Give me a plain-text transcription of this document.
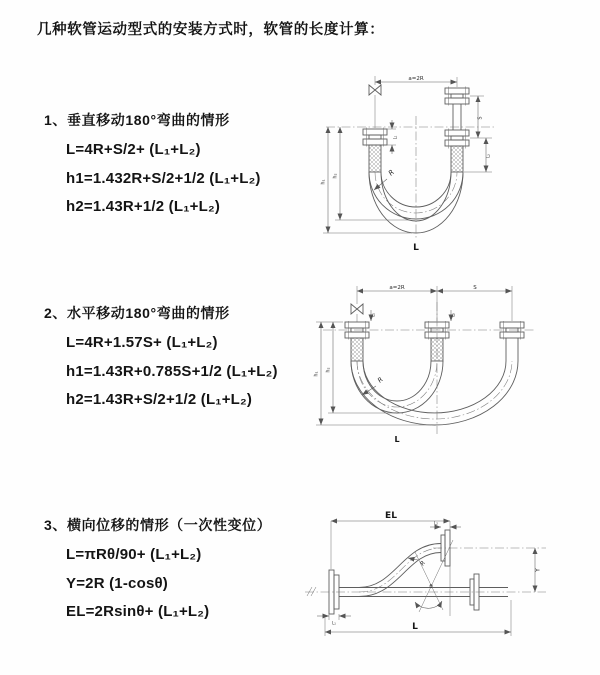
几种软管运动型式的安装方式时，软管的长度计算：
1、垂直移动180°弯曲的情形
L=4R+S/2+ (L₁+L₂)
h1=1.432R+S/2+1/2 (L₁+L₂)
h2=1.43R+1/2 (L₁+L₂)
a=2R
L
h₁
h₂
S
L₂
L₁
R
2、水平移动180°弯曲的情形
L=4R+1.57S+ (L₁+L₂)
h1=1.43R+0.785S+1/2 (L₁+L₂)
h2=1.43R+S/2+1/2 (L₁+L₂)
a=2R	S
L
h₁
h₂
L₁	L₂
R
3、横向位移的情形（一次性变位）
L=πRθ/90+ (L₁+L₂)
Y=2R (1-cosθ)
EL=2Rsinθ+ (L₁+L₂)
θ
R
Y
EL
L₂
L₁	L
